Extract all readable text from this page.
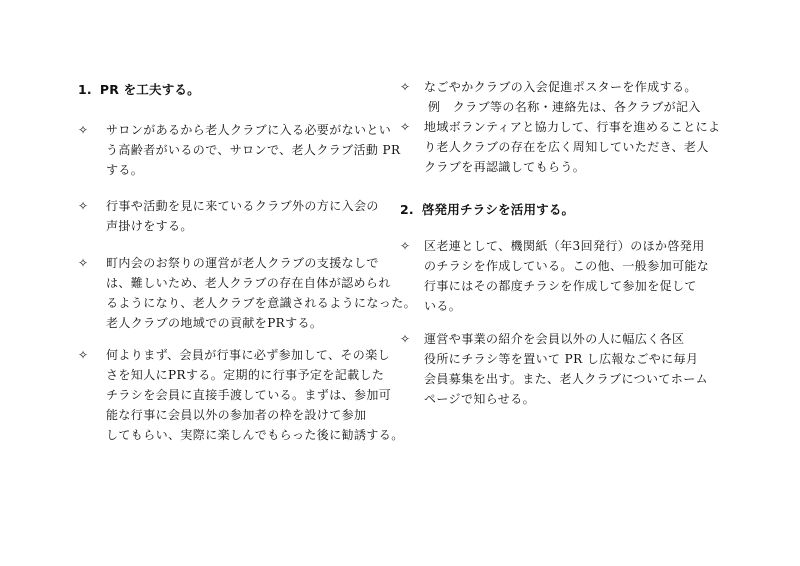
1. PR を工夫する。
✧	サロンがあるから老人クラブに入る必要がないとい
う高齢者がいるので、サロンで、老人クラブ活動 PR
する。
✧	行事や活動を見に来ているクラブ外の方に入会の
声掛けをする。
✧	町内会のお祭りの運営が老人クラブの支援なしで
は、難しいため、老人クラブの存在自体が認められ
るようになり、老人クラブを意識されるようになった。
老人クラブの地域での貢献をPRする。
✧	何よりまず、会員が行事に必ず参加して、その楽し
さを知人にPRする。定期的に行事予定を記載した
チラシを会員に直接手渡している。まずは、参加可
能な行事に会員以外の参加者の枠を設けて参加
してもらい、実際に楽しんでもらった後に勧誘する。
✧	なごやかクラブの入会促進ポスターを作成する。
例　クラブ等の名称・連絡先は、各クラブが記入
✧	地域ボランティアと協力して、行事を進めることによ
り老人クラブの存在を広く周知していただき、老人
クラブを再認識してもらう。
2. 啓発用チラシを活用する。
✧	区老連として、機関紙（年3回発行）のほか啓発用
のチラシを作成している。この他、一般参加可能な
行事にはその都度チラシを作成して参加を促して
いる。
✧	運営や事業の紹介を会員以外の人に幅広く各区
役所にチラシ等を置いて PR し広報なごやに毎月
会員募集を出す。また、老人クラブについてホーム
ページで知らせる。
